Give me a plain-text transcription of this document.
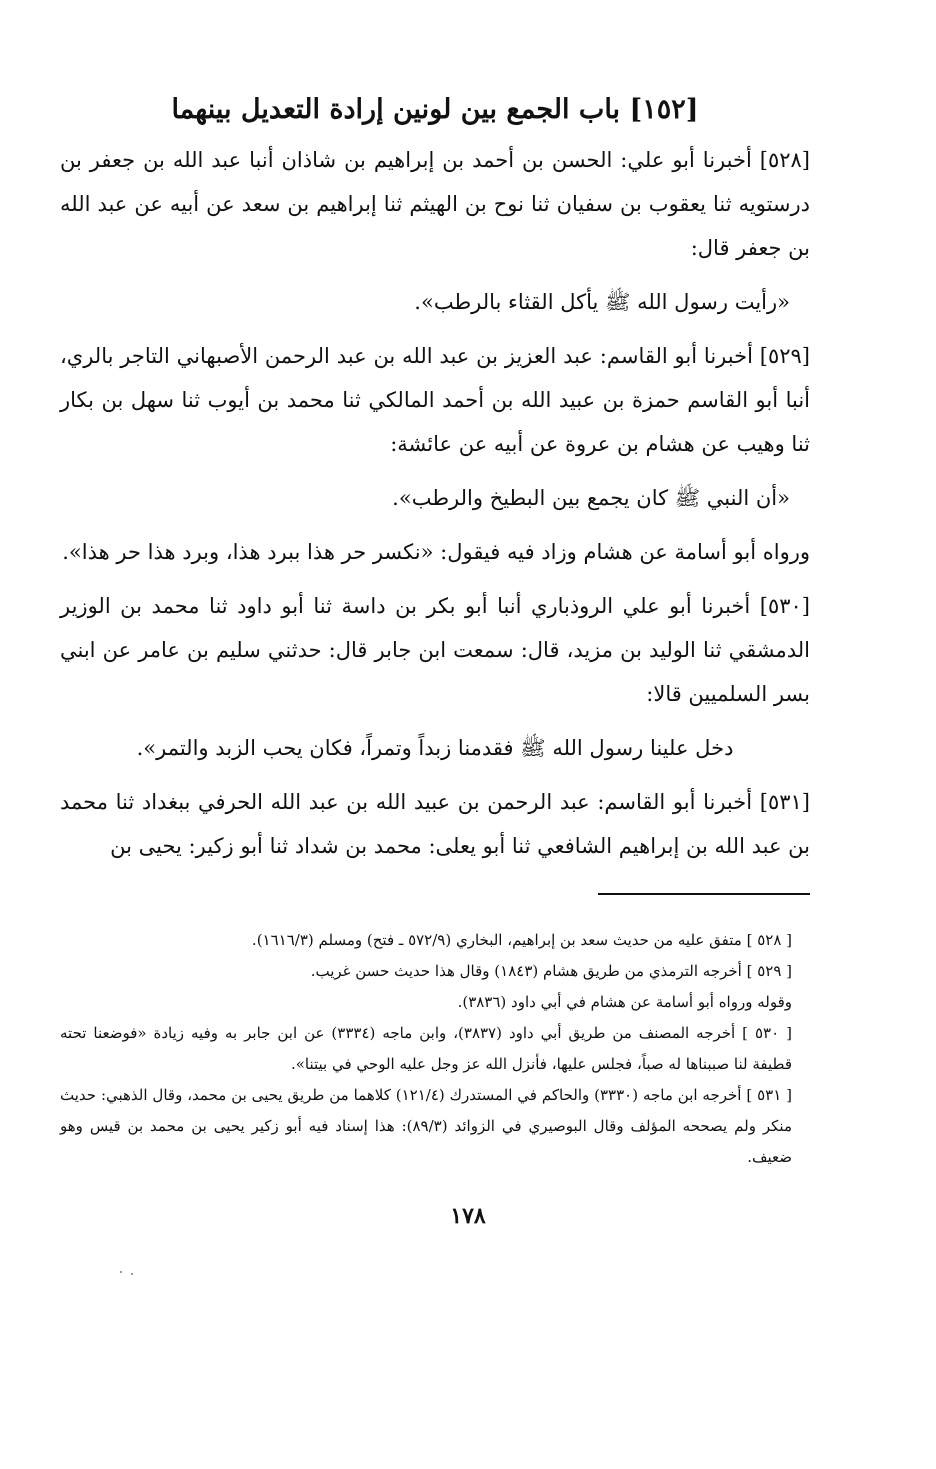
[١٥٢] باب الجمع بين لونين إرادة التعديل بينهما

[٥٢٨] أخبرنا أبو علي: الحسن بن أحمد بن إبراهيم بن شاذان أنبا عبد الله بن جعفر بن درستويه ثنا يعقوب بن سفيان ثنا نوح بن الهيثم ثنا إبراهيم بن سعد عن أبيه عن عبد الله بن جعفر قال:

«رأيت رسول الله ﷺ يأكل القثاء بالرطب».

[٥٢٩] أخبرنا أبو القاسم: عبد العزيز بن عبد الله بن عبد الرحمن الأصبهاني التاجر بالري، أنبا أبو القاسم حمزة بن عبيد الله بن أحمد المالكي ثنا محمد بن أيوب ثنا سهل بن بكار ثنا وهيب عن هشام بن عروة عن أبيه عن عائشة:

«أن النبي ﷺ كان يجمع بين البطيخ والرطب».

ورواه أبو أسامة عن هشام وزاد فيه فيقول: «نكسر حر هذا ببرد هذا، وبرد هذا حر هذا».

[٥٣٠] أخبرنا أبو علي الروذباري أنبا أبو بكر بن داسة ثنا أبو داود ثنا محمد بن الوزير الدمشقي ثنا الوليد بن مزيد، قال: سمعت ابن جابر قال: حدثني سليم بن عامر عن ابني بسر السلميين قالا:

دخل علينا رسول الله ﷺ فقدمنا زبداً وتمراً، فكان يحب الزبد والتمر».

[٥٣١] أخبرنا أبو القاسم: عبد الرحمن بن عبيد الله بن عبد الله الحرفي ببغداد ثنا محمد بن عبد الله بن إبراهيم الشافعي ثنا أبو يعلى: محمد بن شداد ثنا أبو زكير: يحيى بن

[ ٥٢٨ ] متفق عليه من حديث سعد بن إبراهيم، البخاري (٥٧٢/٩ ـ فتح) ومسلم (١٦١٦/٣).

[ ٥٢٩ ] أخرجه الترمذي من طريق هشام (١٨٤٣) وقال هذا حديث حسن غريب.

وقوله ورواه أبو أسامة عن هشام في أبي داود (٣٨٣٦).

[ ٥٣٠ ] أخرجه المصنف من طريق أبي داود (٣٨٣٧)، وابن ماجه (٣٣٣٤) عن ابن جابر به وفيه زيادة «فوضعنا تحته قطيفة لنا صببناها له صباً، فجلس عليها، فأنزل الله عز وجل عليه الوحي في بيتنا».

[ ٥٣١ ] أخرجه ابن ماجه (٣٣٣٠) والحاكم في المستدرك (١٢١/٤) كلاهما من طريق يحيى بن محمد، وقال الذهبي: حديث منكر ولم يصححه المؤلف وقال البوصيري في الزوائد (٨٩/٣): هذا إسناد فيه أبو زكير يحيى بن محمد بن قيس وهو ضعيف.

١٧٨
